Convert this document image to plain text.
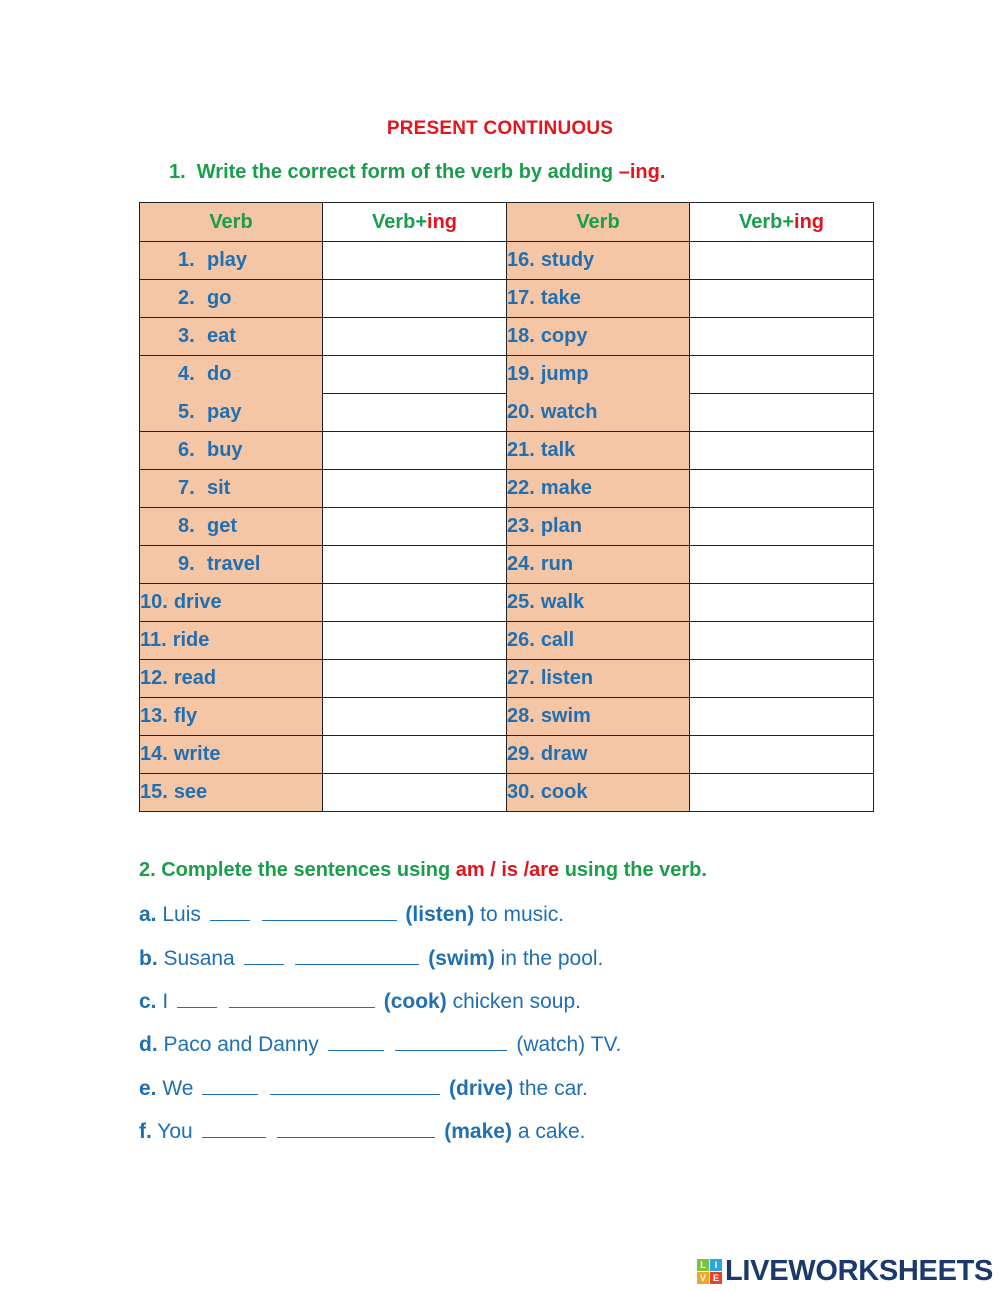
PRESENT CONTINUOUS
1.  Write the correct form of the verb by adding –ing.
Verb	Verb+ing	Verb	Verb+ing
1. play		16. study	
2. go		17. take	
3. eat		18. copy	
4. do		19. jump	
5. pay		20. watch	
6. buy		21. talk	
7. sit		22. make	
8. get		23. plan	
9. travel		24. run	
10. drive		25. walk	
11. ride		26. call	
12. read		27. listen	
13. fly		28. swim	
14. write		29. draw	
15. see		30. cook	
2. Complete the sentences using am / is /are using the verb.
a. Luis	(listen) to music.
b. Susana	(swim) in the pool.
c. I	(cook) chicken soup.
d. Paco and Danny	(watch) TV.
e. We	(drive) the car.
f. You	(make) a cake.
L I
V E LIVEWORKSHEETS
